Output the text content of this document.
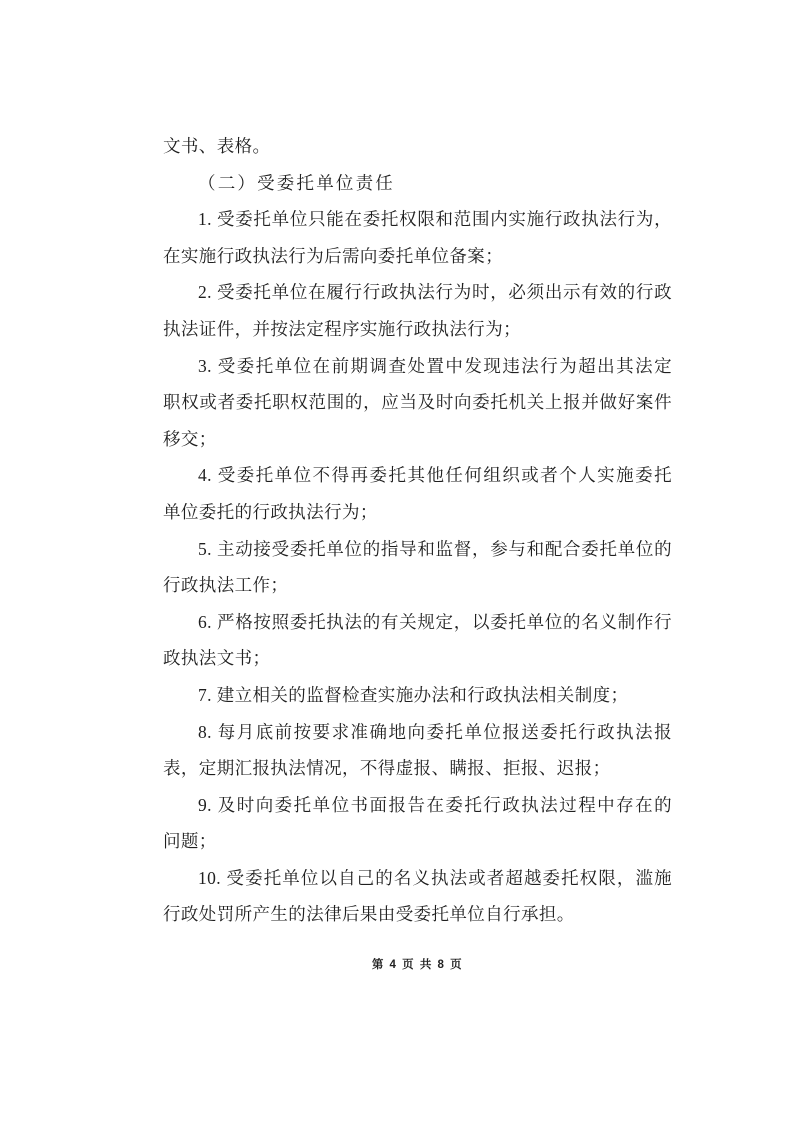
文书、表格。
（二）受委托单位责任
1. 受委托单位只能在委托权限和范围内实施行政执法行为，
在实施行政执法行为后需向委托单位备案；
2. 受委托单位在履行行政执法行为时，必须出示有效的行政
执法证件，并按法定程序实施行政执法行为；
3. 受委托单位在前期调查处置中发现违法行为超出其法定
职权或者委托职权范围的，应当及时向委托机关上报并做好案件
移交；
4. 受委托单位不得再委托其他任何组织或者个人实施委托
单位委托的行政执法行为；
5. 主动接受委托单位的指导和监督，参与和配合委托单位的
行政执法工作；
6. 严格按照委托执法的有关规定，以委托单位的名义制作行
政执法文书；
7. 建立相关的监督检查实施办法和行政执法相关制度；
8. 每月底前按要求准确地向委托单位报送委托行政执法报
表，定期汇报执法情况，不得虚报、瞒报、拒报、迟报；
9. 及时向委托单位书面报告在委托行政执法过程中存在的
问题；
10. 受委托单位以自己的名义执法或者超越委托权限，滥施
行政处罚所产生的法律后果由受委托单位自行承担。
第 4 页 共 8 页
